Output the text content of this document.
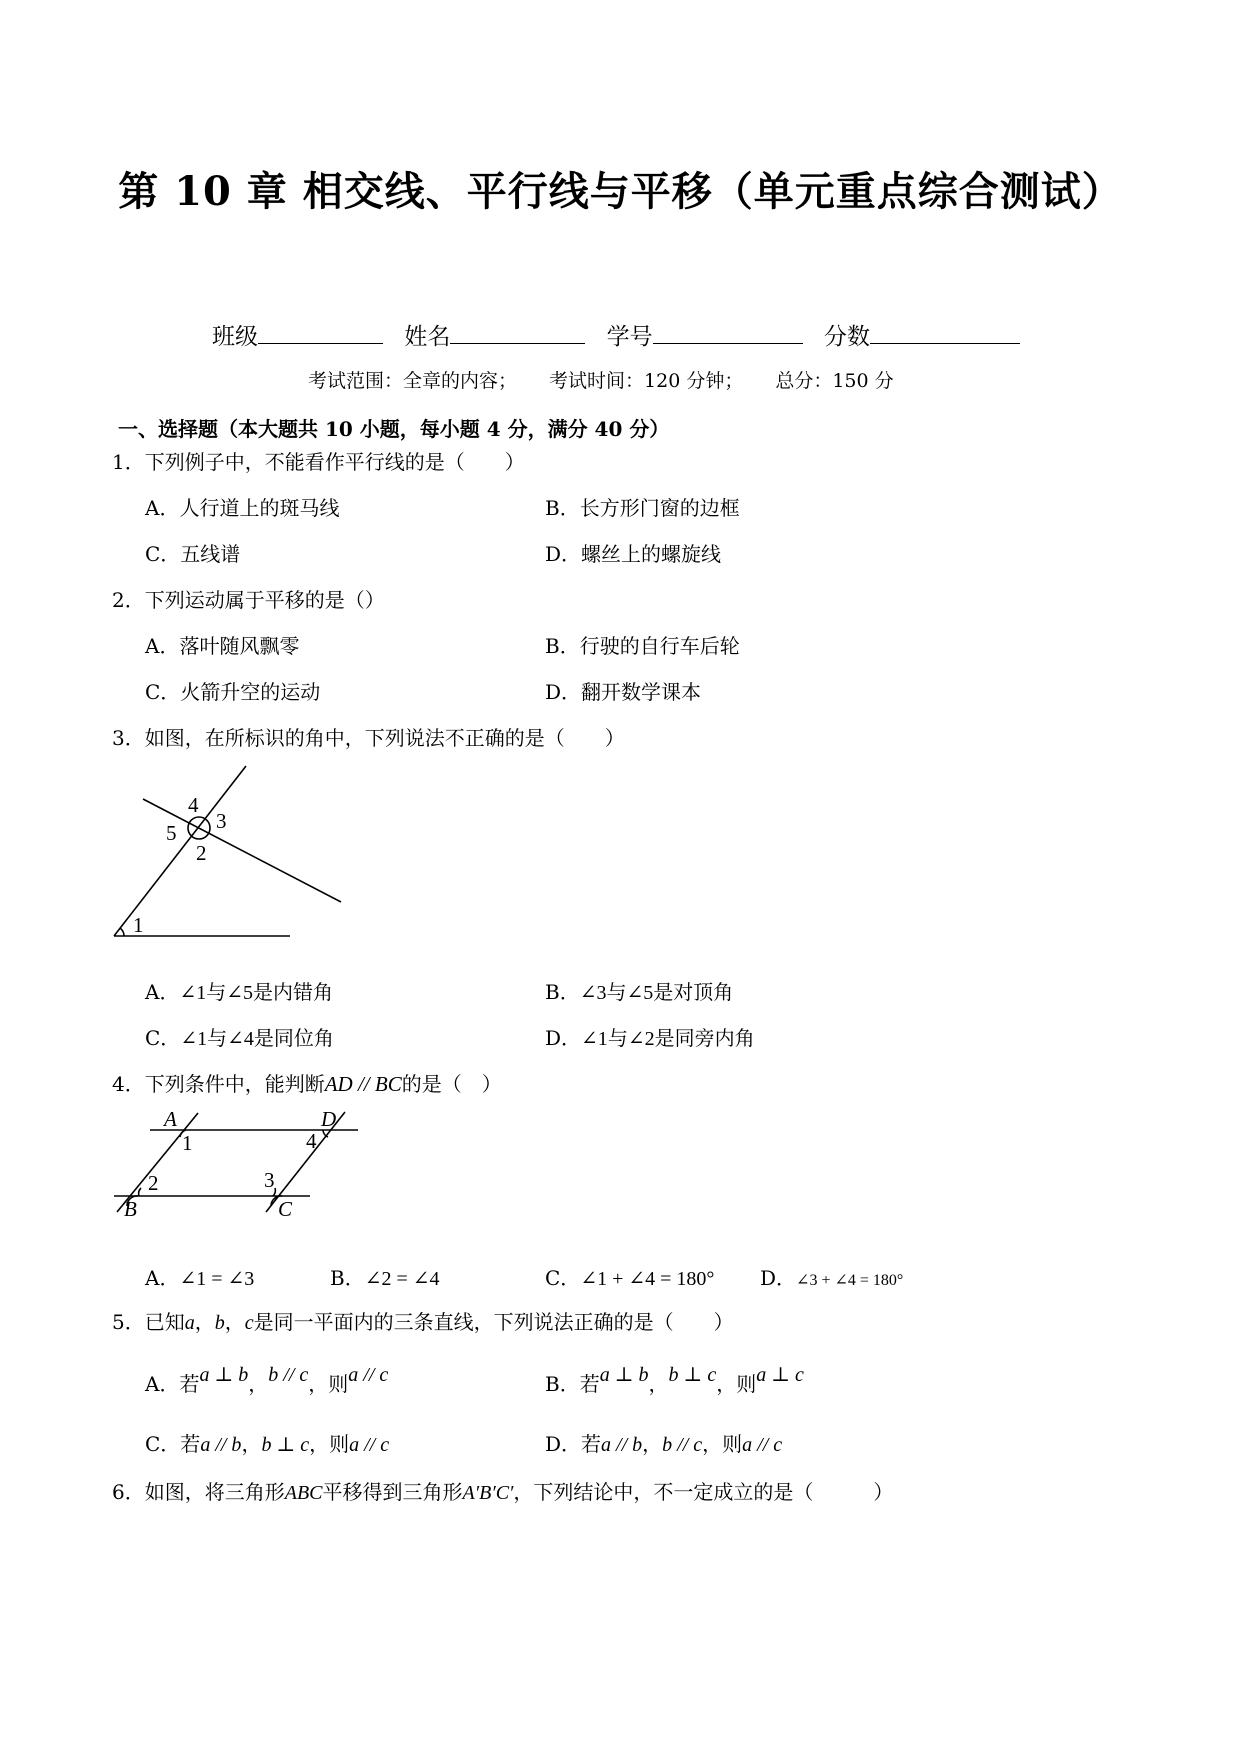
第 10 章 相交线、平行线与平移（单元重点综合测试）
班级	姓名	学号	分数
考试范围：全章的内容； 考试时间：120 分钟； 总分：150 分
一、选择题（本大题共 10 小题，每小题 4 分，满分 40 分）
1．下列例子中，不能看作平行线的是（　　）
A．人行道上的斑马线	B．长方形门窗的边框
C．五线谱	D．螺丝上的螺旋线
2．下列运动属于平移的是（）
A．落叶随风飘零	B．行驶的自行车后轮
C．火箭升空的运动	D．翻开数学课本
3．如图，在所标识的角中，下列说法不正确的是（　　）
4
5 3
2
1
A．∠1与∠5是内错角	B．∠3与∠5是对顶角
C．∠1与∠4是同位角	D．∠1与∠2是同旁内角
4．下列条件中，能判断AD // BC的是（　）
A	D
1	4
2	3
B	C
A．∠1 = ∠3	B．∠2 = ∠4	C．∠1 + ∠4 = 180° D．∠3 + ∠4 = 180°
5．已知a，b，c是同一平面内的三条直线，下列说法正确的是（　　）
A．若a ⊥ b，b // c，则a // c	B．若a ⊥ b，b ⊥ c，则a ⊥ c
C．若a // b，b ⊥ c，则a // c	D．若a // b，b // c，则a // c
6．如图，将三角形ABC平移得到三角形A′B′C′，下列结论中，不一定成立的是（　　　）
